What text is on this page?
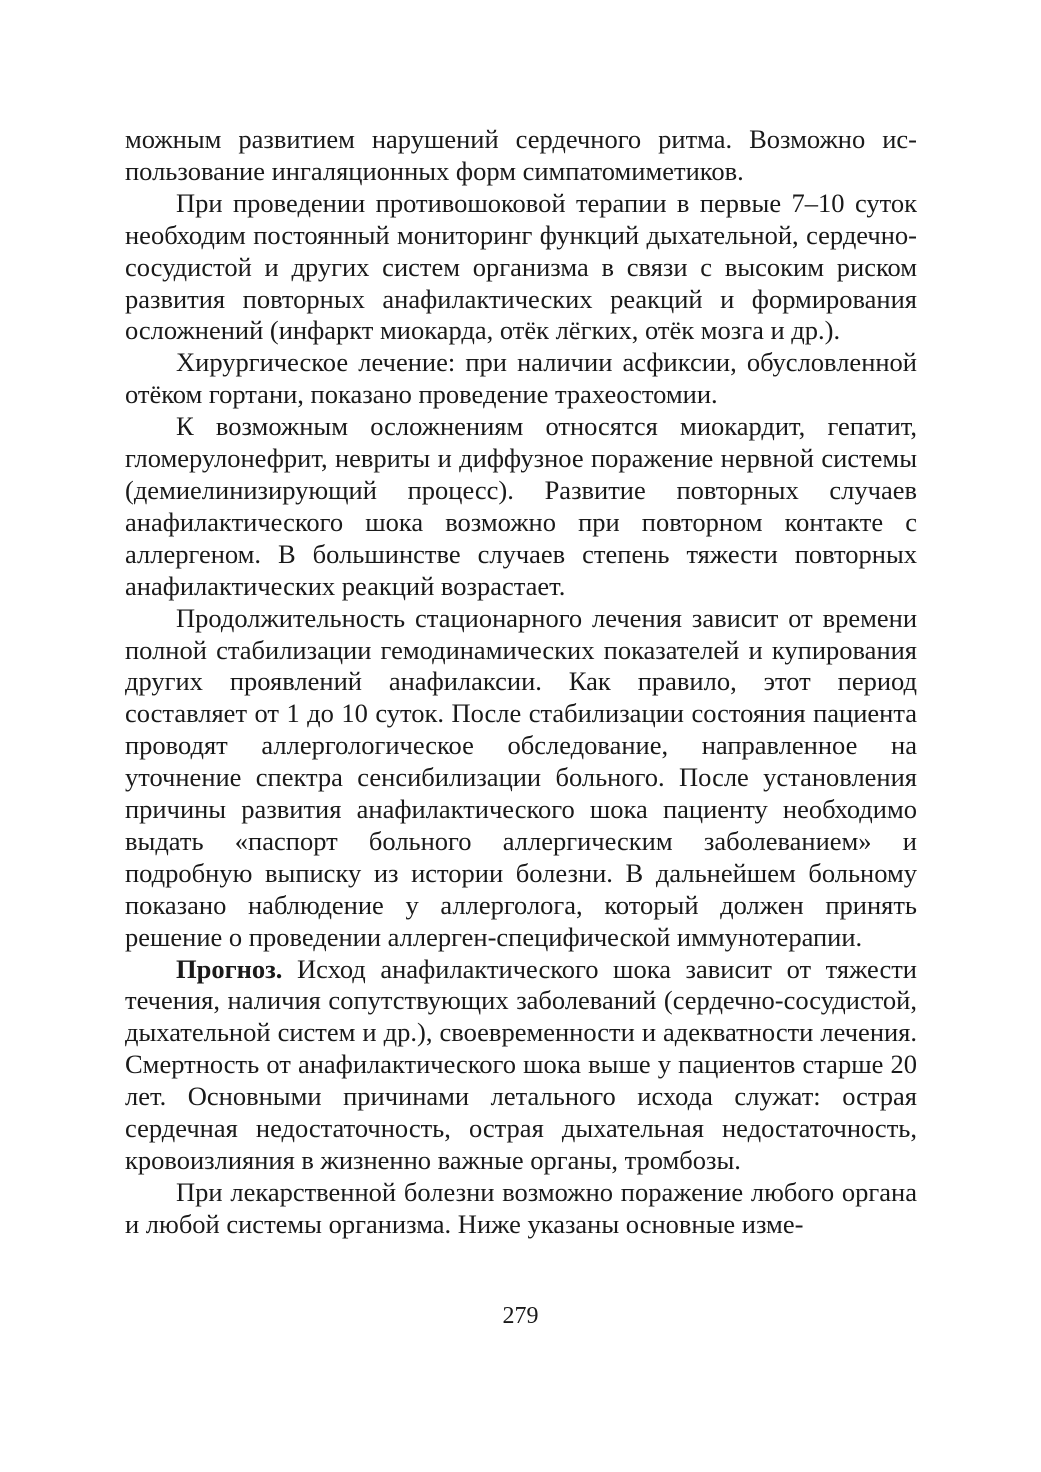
можным развитием нарушений сердечного ритма. Возможно использование ингаляционных форм симпатомиметиков.

При проведении противошоковой терапии в первые 7–10 суток необходим постоянный мониторинг функций дыхательной, сердечно-сосудистой и других систем организма в связи с высоким риском развития повторных анафилактических реакций и формирования осложнений (инфаркт миокарда, отёк лёгких, отёк мозга и др.).

Хирургическое лечение: при наличии асфиксии, обусловленной отёком гортани, показано проведение трахеостомии.

К возможным осложнениям относятся миокардит, гепатит, гломерулонефрит, невриты и диффузное поражение нервной системы (демиелинизирующий процесс). Развитие повторных случаев анафилактического шока возможно при повторном контакте с аллергеном. В большинстве случаев степень тяжести повторных анафилактических реакций возрастает.

Продолжительность стационарного лечения зависит от времени полной стабилизации гемодинамических показателей и купирования других проявлений анафилаксии. Как правило, этот период составляет от 1 до 10 суток. После стабилизации состояния пациента проводят аллергологическое обследование, направленное на уточнение спектра сенсибилизации больного. После установления причины развития анафилактического шока пациенту необходимо выдать «паспорт больного аллергическим заболеванием» и подробную выписку из истории болезни. В дальнейшем больному показано наблюдение у аллерголога, который должен принять решение о проведении аллерген-специфической иммунотерапии.

Прогноз. Исход анафилактического шока зависит от тяжести течения, наличия сопутствующих заболеваний (сердечно-сосудистой, дыхательной систем и др.), своевременности и адекватности лечения. Смертность от анафилактического шока выше у пациентов старше 20 лет. Основными причинами летального исхода служат: острая сердечная недостаточность, острая дыхательная недостаточность, кровоизлияния в жизненно важные органы, тромбозы.

При лекарственной болезни возможно поражение любого органа и любой системы организма. Ниже указаны основные изме-

279
